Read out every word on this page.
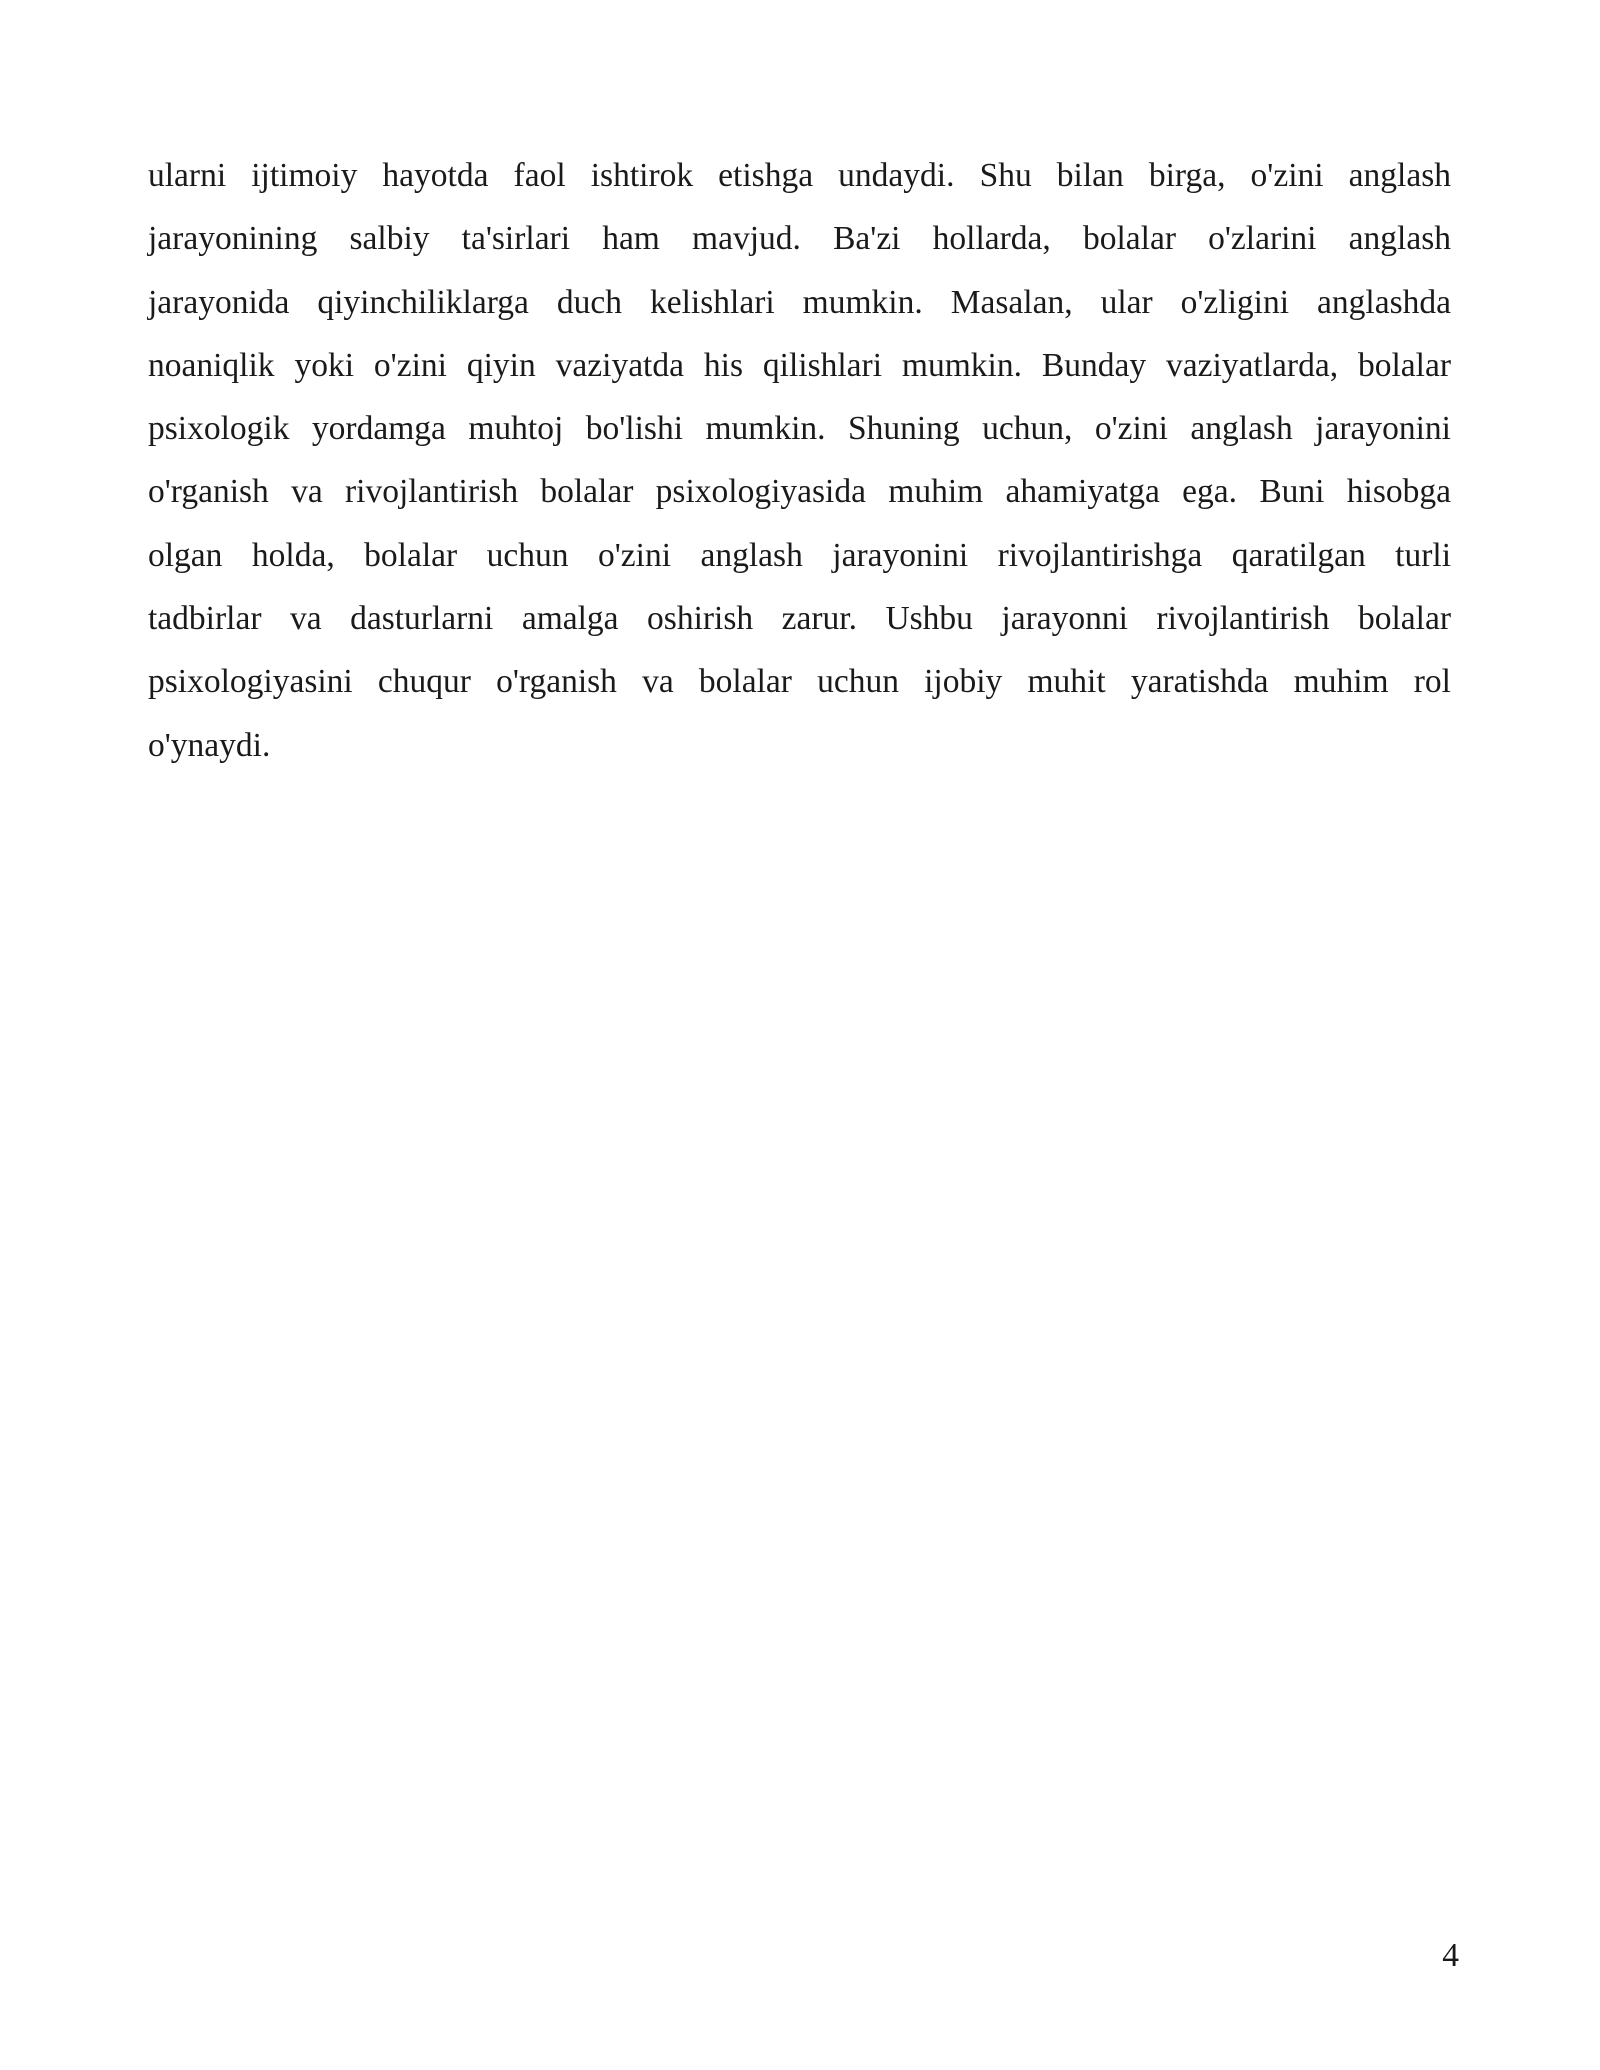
ularni ijtimoiy hayotda faol ishtirok etishga undaydi. Shu bilan birga, o'zini anglash
jarayonining salbiy ta'sirlari ham mavjud. Ba'zi hollarda, bolalar o'zlarini anglash
jarayonida qiyinchiliklarga duch kelishlari mumkin. Masalan, ular o'zligini anglashda
noaniqlik yoki o'zini qiyin vaziyatda his qilishlari mumkin. Bunday vaziyatlarda, bolalar
psixologik yordamga muhtoj bo'lishi mumkin. Shuning uchun, o'zini anglash jarayonini
o'rganish va rivojlantirish bolalar psixologiyasida muhim ahamiyatga ega. Buni hisobga
olgan holda, bolalar uchun o'zini anglash jarayonini rivojlantirishga qaratilgan turli
tadbirlar va dasturlarni amalga oshirish zarur. Ushbu jarayonni rivojlantirish bolalar
psixologiyasini chuqur o'rganish va bolalar uchun ijobiy muhit yaratishda muhim rol
o'ynaydi.

4
